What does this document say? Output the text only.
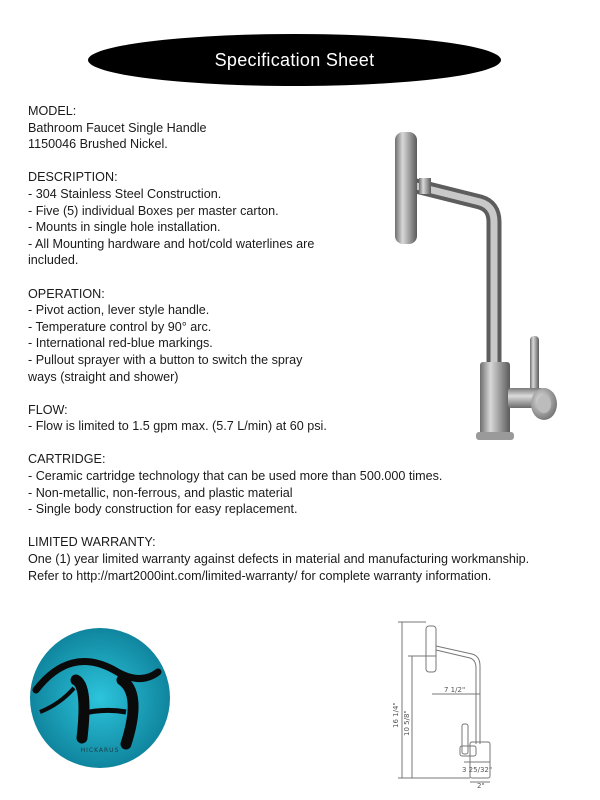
Specification Sheet
MODEL:
Bathroom Faucet Single Handle
1150046 Brushed Nickel.
DESCRIPTION:
- 304 Stainless Steel Construction.
- Five (5) individual Boxes per master carton.
- Mounts in single hole installation.
- All Mounting hardware and hot/cold waterlines are included.
OPERATION:
- Pivot action, lever style handle.
- Temperature control by 90° arc.
- International red-blue markings.
- Pullout sprayer with a button to switch the spray ways (straight and shower)
FLOW:
- Flow is limited to 1.5 gpm max. (5.7 L/min) at 60 psi.
CARTRIDGE:
- Ceramic cartridge technology that can be used more than 500.000 times.
- Non-metallic, non-ferrous, and plastic material
- Single body construction for easy replacement.
LIMITED WARRANTY:
One (1) year limited warranty against defects in material and manufacturing workmanship.
Refer to http://mart2000int.com/limited-warranty/ for complete warranty information.
HICKARUS
16 1/4" 10 5/8"
7 1/2"
3 25/32"
2"
